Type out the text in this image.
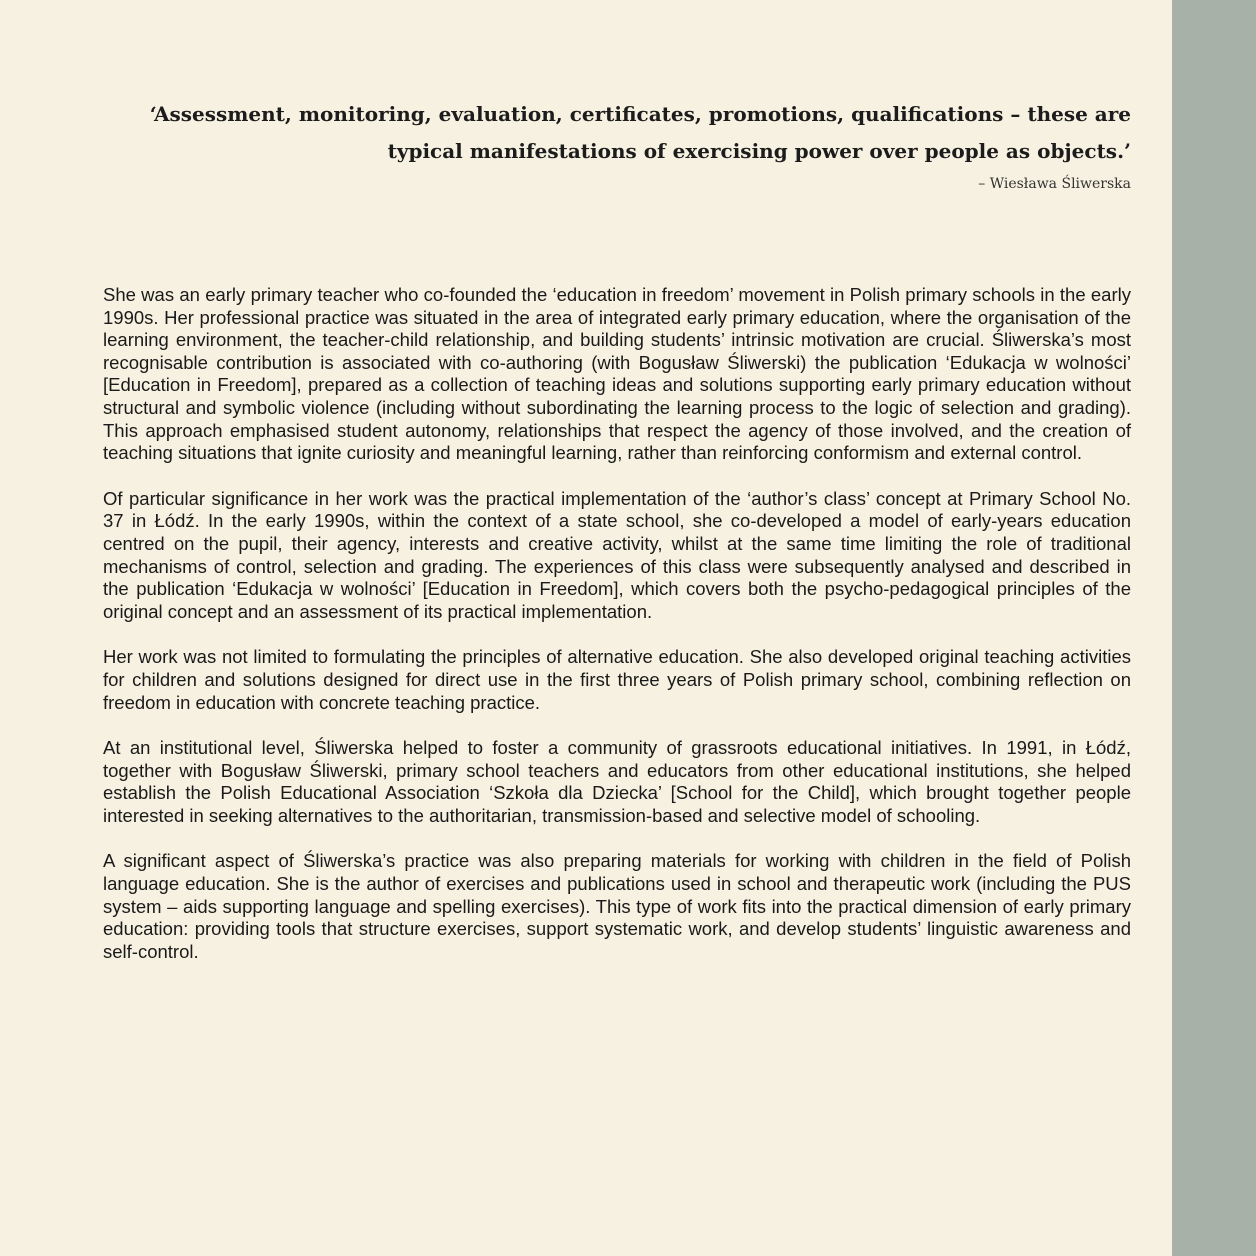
‘Assessment, monitoring, evaluation, certificates, promotions, qualifications – these are typical manifestations of exercising power over people as objects.’

– Wiesława Śliwerska

She was an early primary teacher who co-founded the ‘education in freedom’ movement in Polish primary schools in the early 1990s. Her professional practice was situated in the area of integrated early primary education, where the organisation of the learning environment, the teacher-child relationship, and building students’ intrinsic motivation are crucial. Śliwerska’s most recognisable contribution is associated with co-authoring (with Bogusław Śliwerski) the publication ‘Edukacja w wolności’ [Education in Freedom], prepared as a collection of teaching ideas and solutions supporting early primary education without structural and symbolic violence (including without subordinating the learning process to the logic of selection and grading). This approach emphasised student autonomy, relationships that respect the agency of those involved, and the creation of teaching situations that ignite curiosity and meaningful learning, rather than reinforcing conformism and external control.

Of particular significance in her work was the practical implementation of the ‘author’s class’ concept at Primary School No. 37 in Łódź. In the early 1990s, within the context of a state school, she co-developed a model of early-years education centred on the pupil, their agency, interests and creative activity, whilst at the same time limiting the role of traditional mechanisms of control, selection and grading. The experiences of this class were subsequently analysed and described in the publication ‘Edukacja w wolności’ [Education in Freedom], which covers both the psycho-pedagogical principles of the original concept and an assessment of its practical implementation.

Her work was not limited to formulating the principles of alternative education. She also developed original teaching activities for children and solutions designed for direct use in the first three years of Polish primary school, combining reflection on freedom in education with concrete teaching practice.

At an institutional level, Śliwerska helped to foster a community of grassroots educational initiatives. In 1991, in Łódź, together with Bogusław Śliwerski, primary school teachers and educators from other educational institutions, she helped establish the Polish Educational Association ‘Szkoła dla Dziecka’ [School for the Child], which brought together people interested in seeking alternatives to the authoritarian, transmission-based and selective model of schooling.

A significant aspect of Śliwerska’s practice was also preparing materials for working with children in the field of Polish language education. She is the author of exercises and publications used in school and therapeutic work (including the PUS system – aids supporting language and spelling exercises). This type of work fits into the practical dimension of early primary education: providing tools that structure exercises, support systematic work, and develop students’ linguistic awareness and self-control.
